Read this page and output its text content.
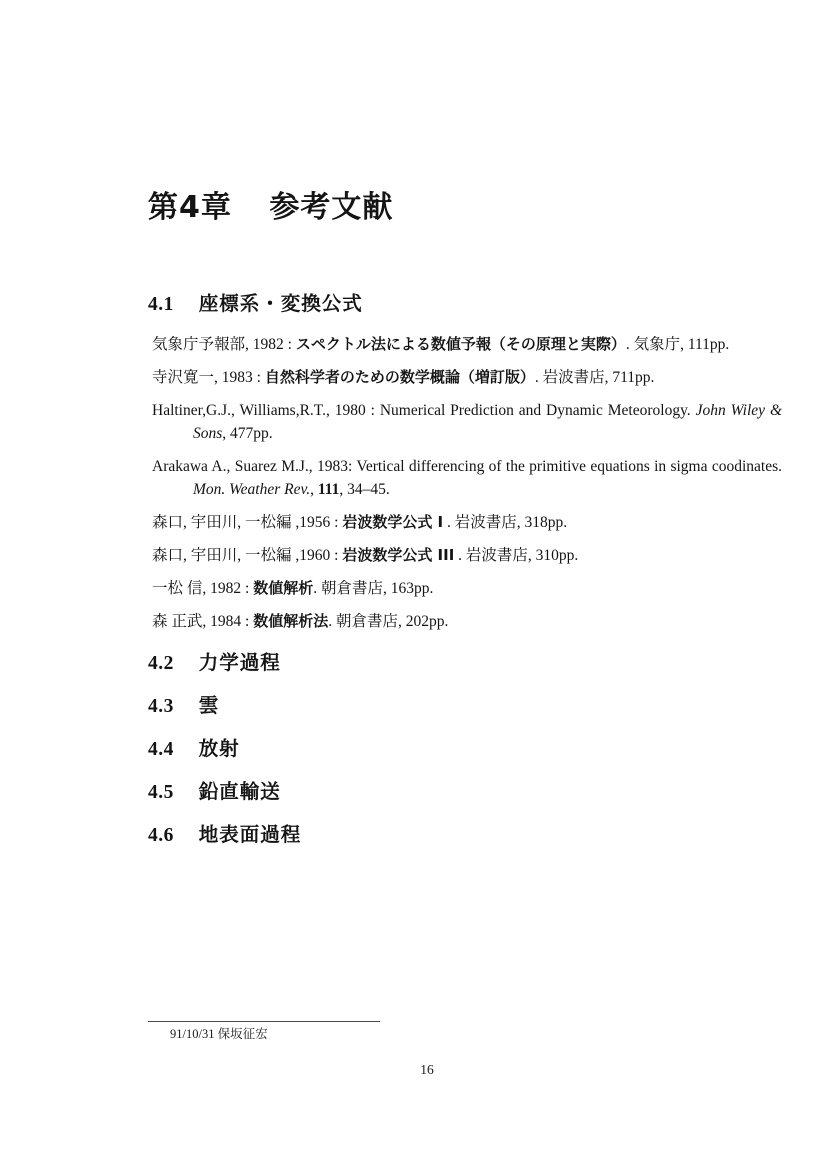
第4章 参考文献
4.1 座標系・変換公式

気象庁予報部, 1982 : スペクトル法による数値予報（その原理と実際）. 気象庁, 111pp.

寺沢寛一, 1983 : 自然科学者のための数学概論（増訂版）. 岩波書店, 711pp.

Haltiner,G.J., Williams,R.T., 1980 : Numerical Prediction and Dynamic Meteorology. John Wiley & Sons, 477pp.

Arakawa A., Suarez M.J., 1983: Vertical differencing of the primitive equations in sigma coodinates. Mon. Weather Rev., 111, 34–45.

森口, 宇田川, 一松編 ,1956 : 岩波数学公式 I . 岩波書店, 318pp.

森口, 宇田川, 一松編 ,1960 : 岩波数学公式 III . 岩波書店, 310pp.

一松 信, 1982 : 数値解析. 朝倉書店, 163pp.

森 正武, 1984 : 数値解析法. 朝倉書店, 202pp.

4.2 力学過程
4.3 雲
4.4 放射
4.5 鉛直輸送
4.6 地表面過程
91/10/31 保坂征宏
16
